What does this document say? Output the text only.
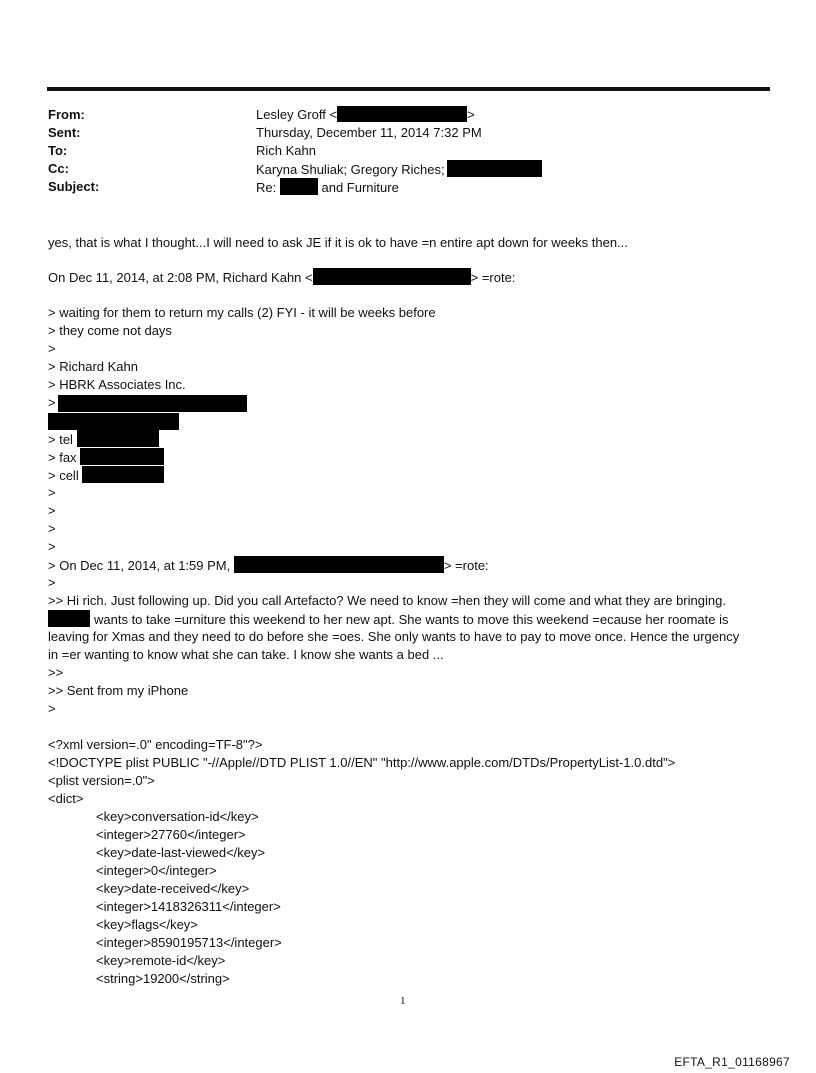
From:	Lesley Groff <	>
Sent:	Thursday, December 11, 2014 7:32 PM
To:	Rich Kahn
Cc:	Karyna Shuliak; Gregory Riches;
Subject:	Re:	and Furniture
yes, that is what I thought...I will need to ask JE if it is ok to have =n entire apt down for weeks then...
On Dec 11, 2014, at 2:08 PM, Richard Kahn <	> =rote:
> waiting for them to return my calls (2) FYI - it will be weeks before
> they come not days
>
> Richard Kahn
> HBRK Associates Inc.
>
> tel
> fax
> cell
>
>
>
>
> On Dec 11, 2014, at 1:59 PM,	> =rote:
>
>> Hi rich. Just following up. Did you call Artefacto? We need to know =hen they will come and what they are bringing.
wants to take =urniture this weekend to her new apt. She wants to move this weekend =ecause her roomate is
leaving for Xmas and they need to do before she =oes. She only wants to have to pay to move once. Hence the urgency
in =er wanting to know what she can take. I know she wants a bed ...
>>
>> Sent from my iPhone
>
<?xml version=.0" encoding=TF-8"?>
<!DOCTYPE plist PUBLIC "-//Apple//DTD PLIST 1.0//EN" "http://www.apple.com/DTDs/PropertyList-1.0.dtd">
<plist version=.0">
<dict>
<key>conversation-id</key>
<integer>27760</integer>
<key>date-last-viewed</key>
<integer>0</integer>
<key>date-received</key>
<integer>1418326311</integer>
<key>flags</key>
<integer>8590195713</integer>
<key>remote-id</key>
<string>19200</string>
1
EFTA_R1_01168967
